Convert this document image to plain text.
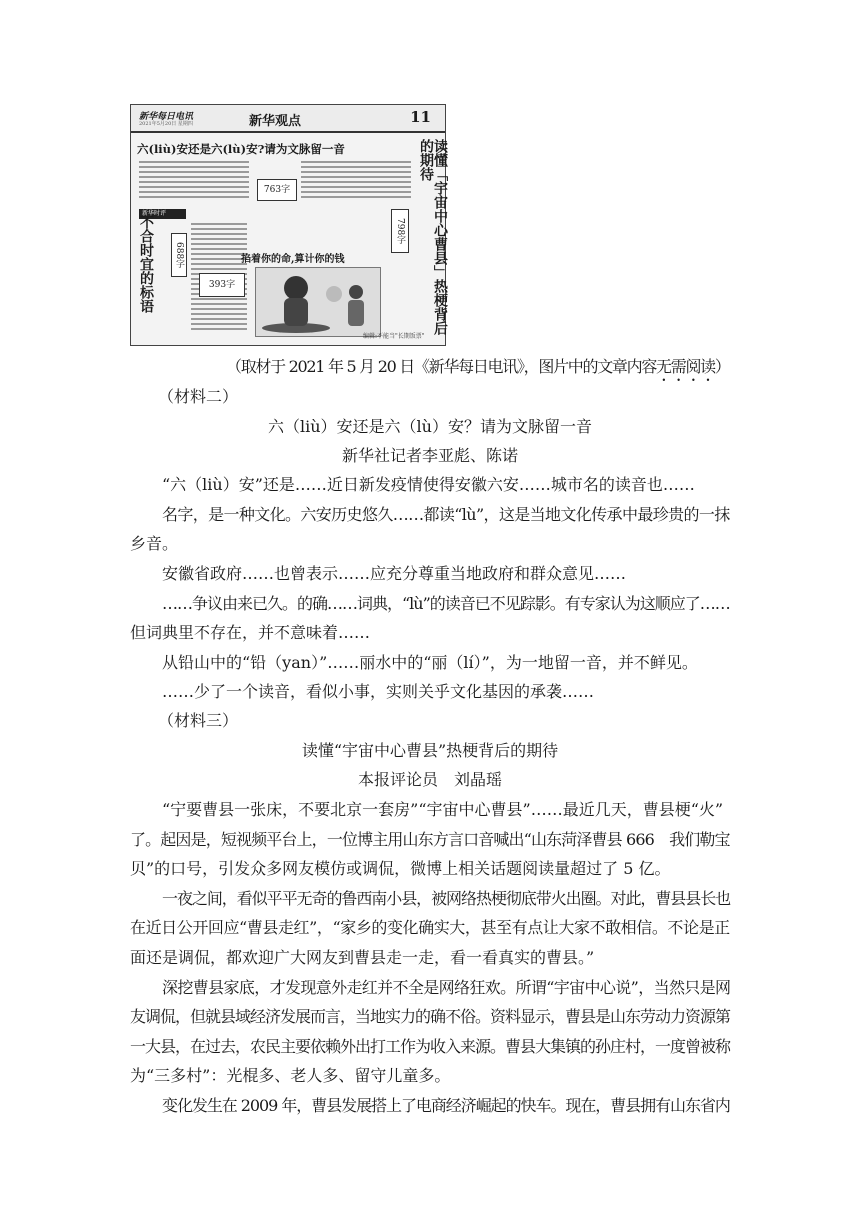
新华每日电讯
2021年5月20日 星期四	新华观点	11
六(liù)安还是六(lù)安?请为文脉留一音
新华时评
763字
不合时宜的标语	688字	掐着你的命,算计你的钱
393字
798字	读懂「宇宙中心曹县」热梗背后的期待
编辑:不能当"长期饭票"
（取材于 2021 年 5 月 20 日《新华每日电讯》，图片中的文章内容无需阅读）
（材料二）
六（liù）安还是六（lù）安？请为文脉留一音
新华社记者李亚彪、陈诺
“六（liù）安”还是……近日新发疫情使得安徽六安……城市名的读音也……
名字，是一种文化。六安历史悠久……都读“lù”，这是当地文化传承中最珍贵的一抹
乡音。
安徽省政府……也曾表示……应充分尊重当地政府和群众意见……
……争议由来已久。的确……词典，“lù”的读音已不见踪影。有专家认为这顺应了……
但词典里不存在，并不意味着……
从铅山中的“铅（yan）”……丽水中的“丽（lí）”，为一地留一音，并不鲜见。
……少了一个读音，看似小事，实则关乎文化基因的承袭……
（材料三）
读懂“宇宙中心曹县”热梗背后的期待
本报评论员　刘晶瑶
“宁要曹县一张床，不要北京一套房”“宇宙中心曹县”……最近几天，曹县梗“火”
了。起因是，短视频平台上，一位博主用山东方言口音喊出“山东菏泽曹县 666　我们勒宝
贝”的口号，引发众多网友模仿或调侃，微博上相关话题阅读量超过了 5 亿。
一夜之间，看似平平无奇的鲁西南小县，被网络热梗彻底带火出圈。对此，曹县县长也
在近日公开回应“曹县走红”，“家乡的变化确实大，甚至有点让大家不敢相信。不论是正
面还是调侃，都欢迎广大网友到曹县走一走，看一看真实的曹县。”
深挖曹县家底，才发现意外走红并不全是网络狂欢。所谓“宇宙中心说”，当然只是网
友调侃，但就县域经济发展而言，当地实力的确不俗。资料显示，曹县是山东劳动力资源第
一大县，在过去，农民主要依赖外出打工作为收入来源。曹县大集镇的孙庄村，一度曾被称
为“三多村”：光棍多、老人多、留守儿童多。
变化发生在 2009 年，曹县发展搭上了电商经济崛起的快车。现在，曹县拥有山东省内
